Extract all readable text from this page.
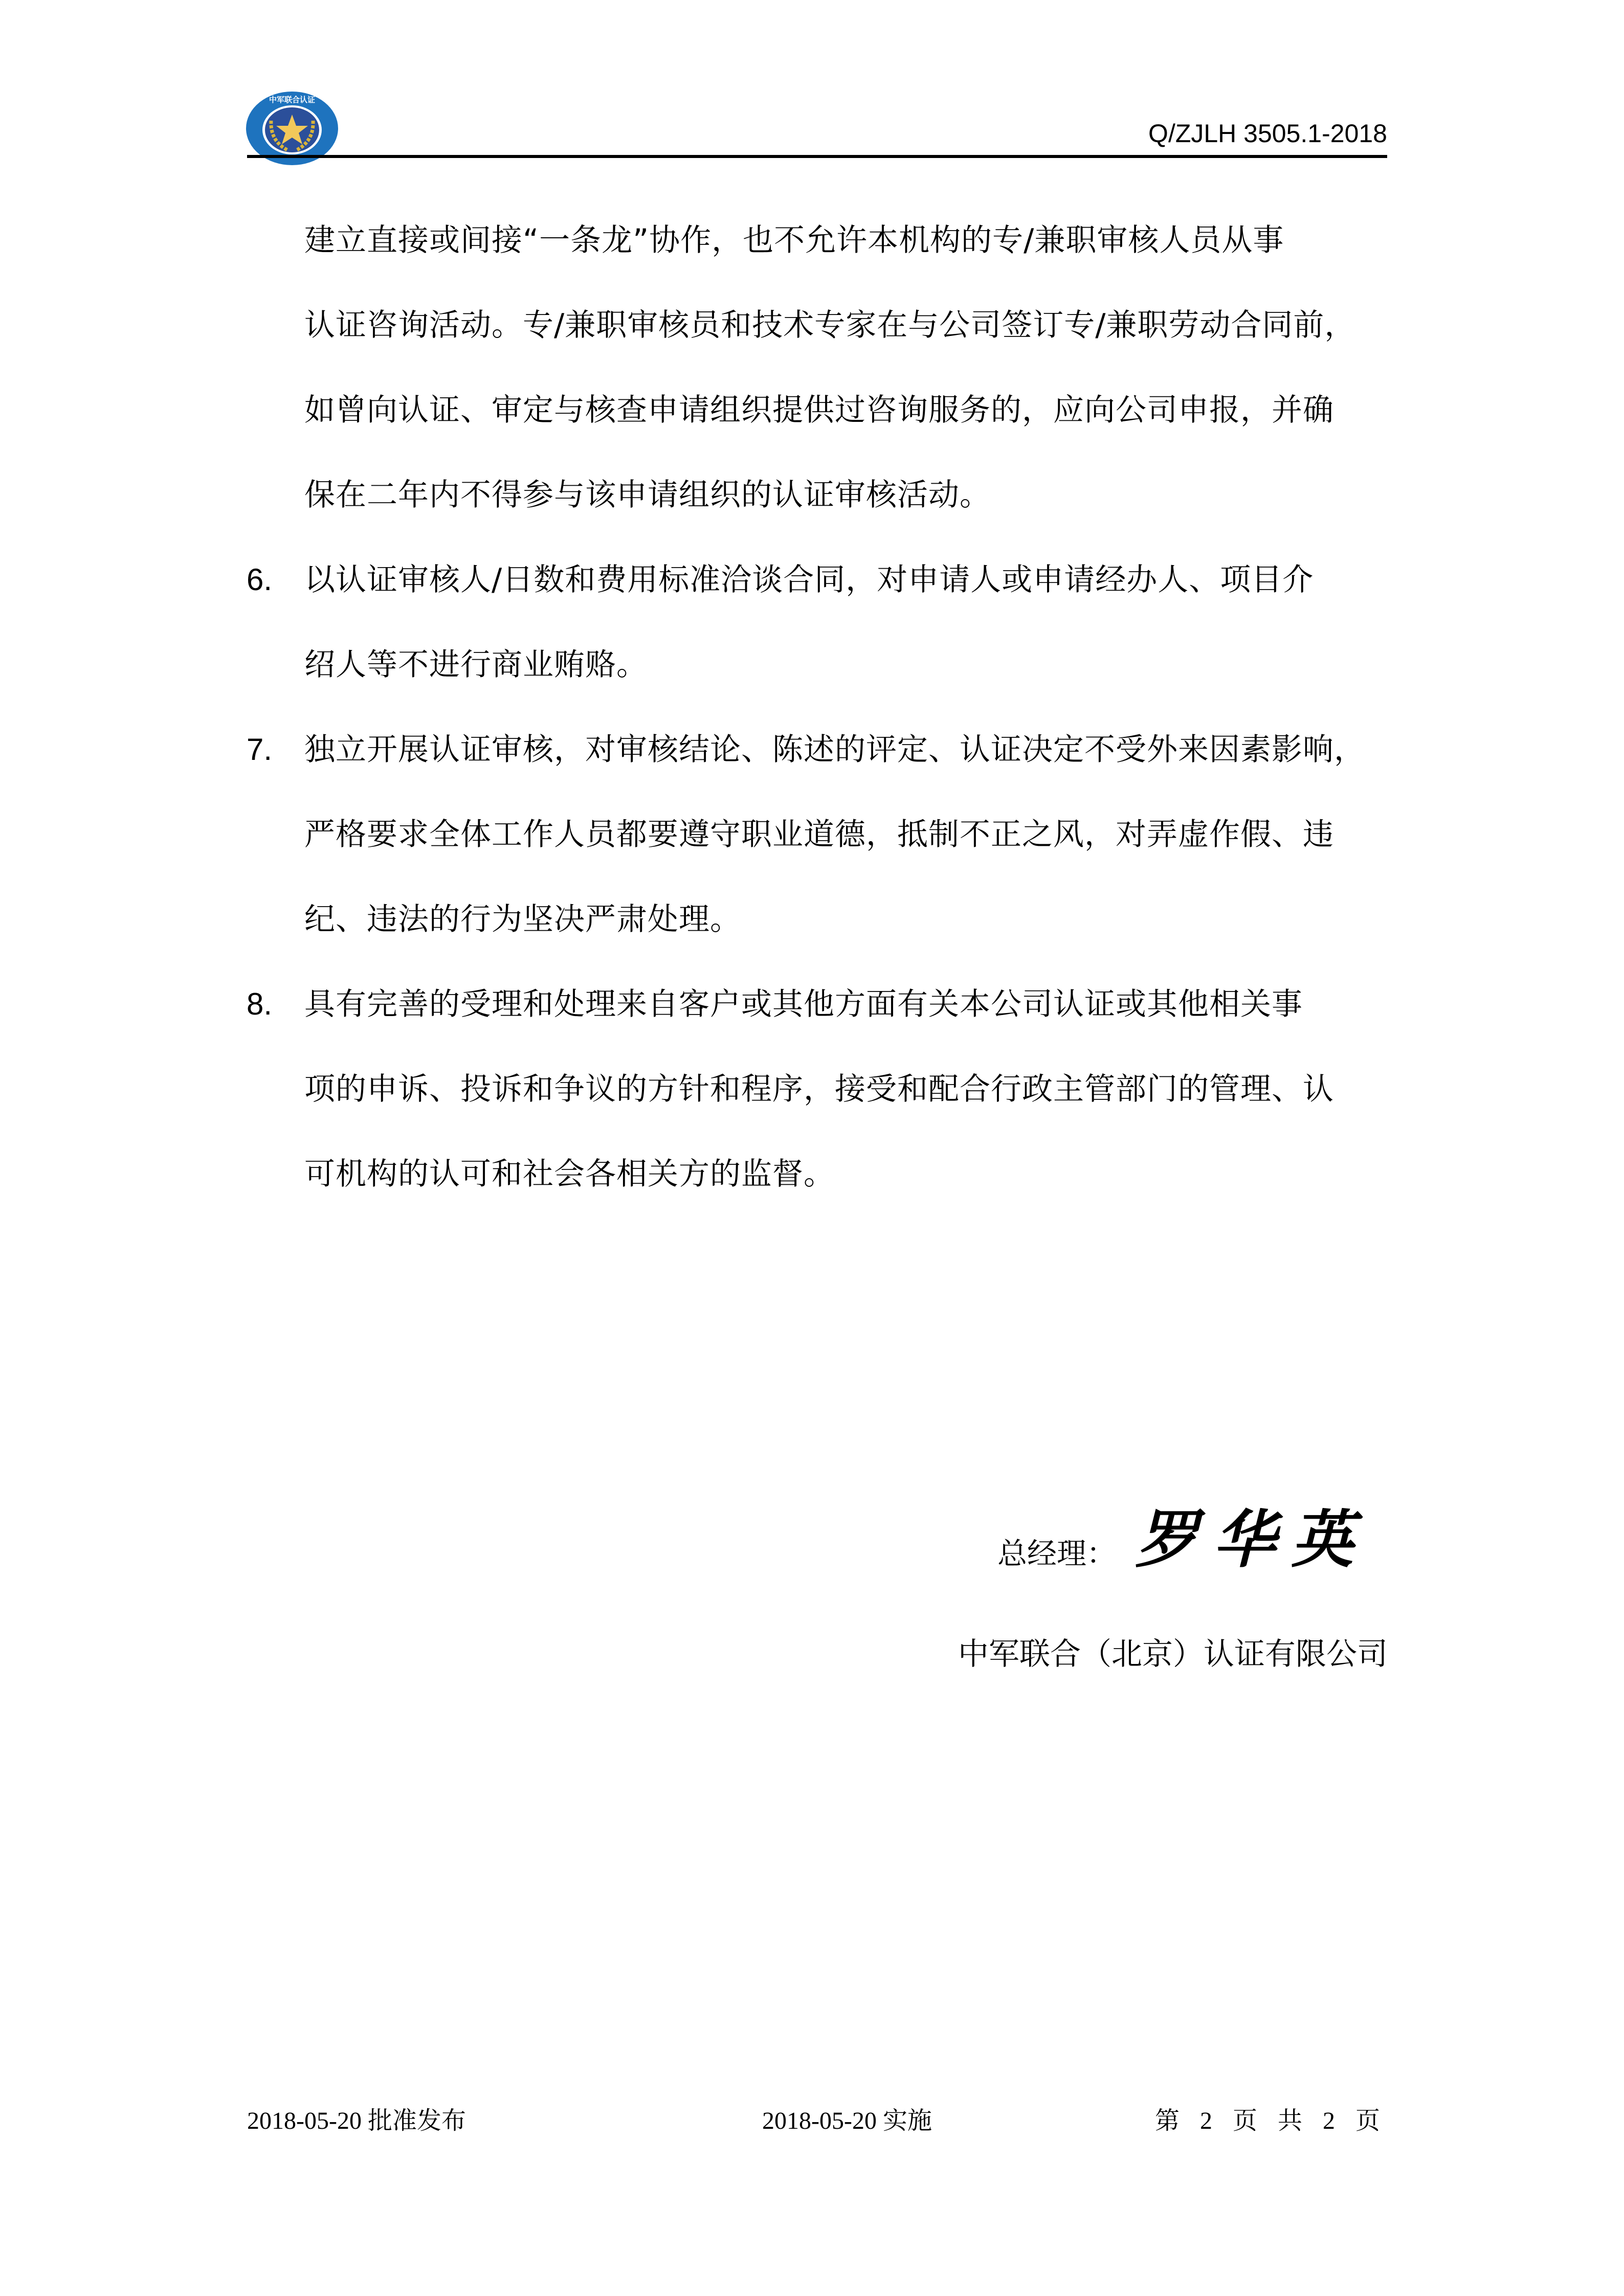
中军联合认证
Q/ZJLH 3505.1-2018
建立直接或间接“一条龙”协作，也不允许本机构的专/兼职审核人员从事
认证咨询活动。专/兼职审核员和技术专家在与公司签订专/兼职劳动合同前，
如曾向认证、审定与核查申请组织提供过咨询服务的，应向公司申报，并确
保在二年内不得参与该申请组织的认证审核活动。
6. 以认证审核人/日数和费用标准洽谈合同，对申请人或申请经办人、项目介
绍人等不进行商业贿赂。
7. 独立开展认证审核，对审核结论、陈述的评定、认证决定不受外来因素影响，
严格要求全体工作人员都要遵守职业道德，抵制不正之风，对弄虚作假、违
纪、违法的行为坚决严肃处理。
8. 具有完善的受理和处理来自客户或其他方面有关本公司认证或其他相关事
项的申诉、投诉和争议的方针和程序，接受和配合行政主管部门的管理、认
可机构的认可和社会各相关方的监督。
总经理： 罗华英
中军联合（北京）认证有限公司
2018-05-20 批准发布	2018-05-20 实施	第 2 页 共 2 页
